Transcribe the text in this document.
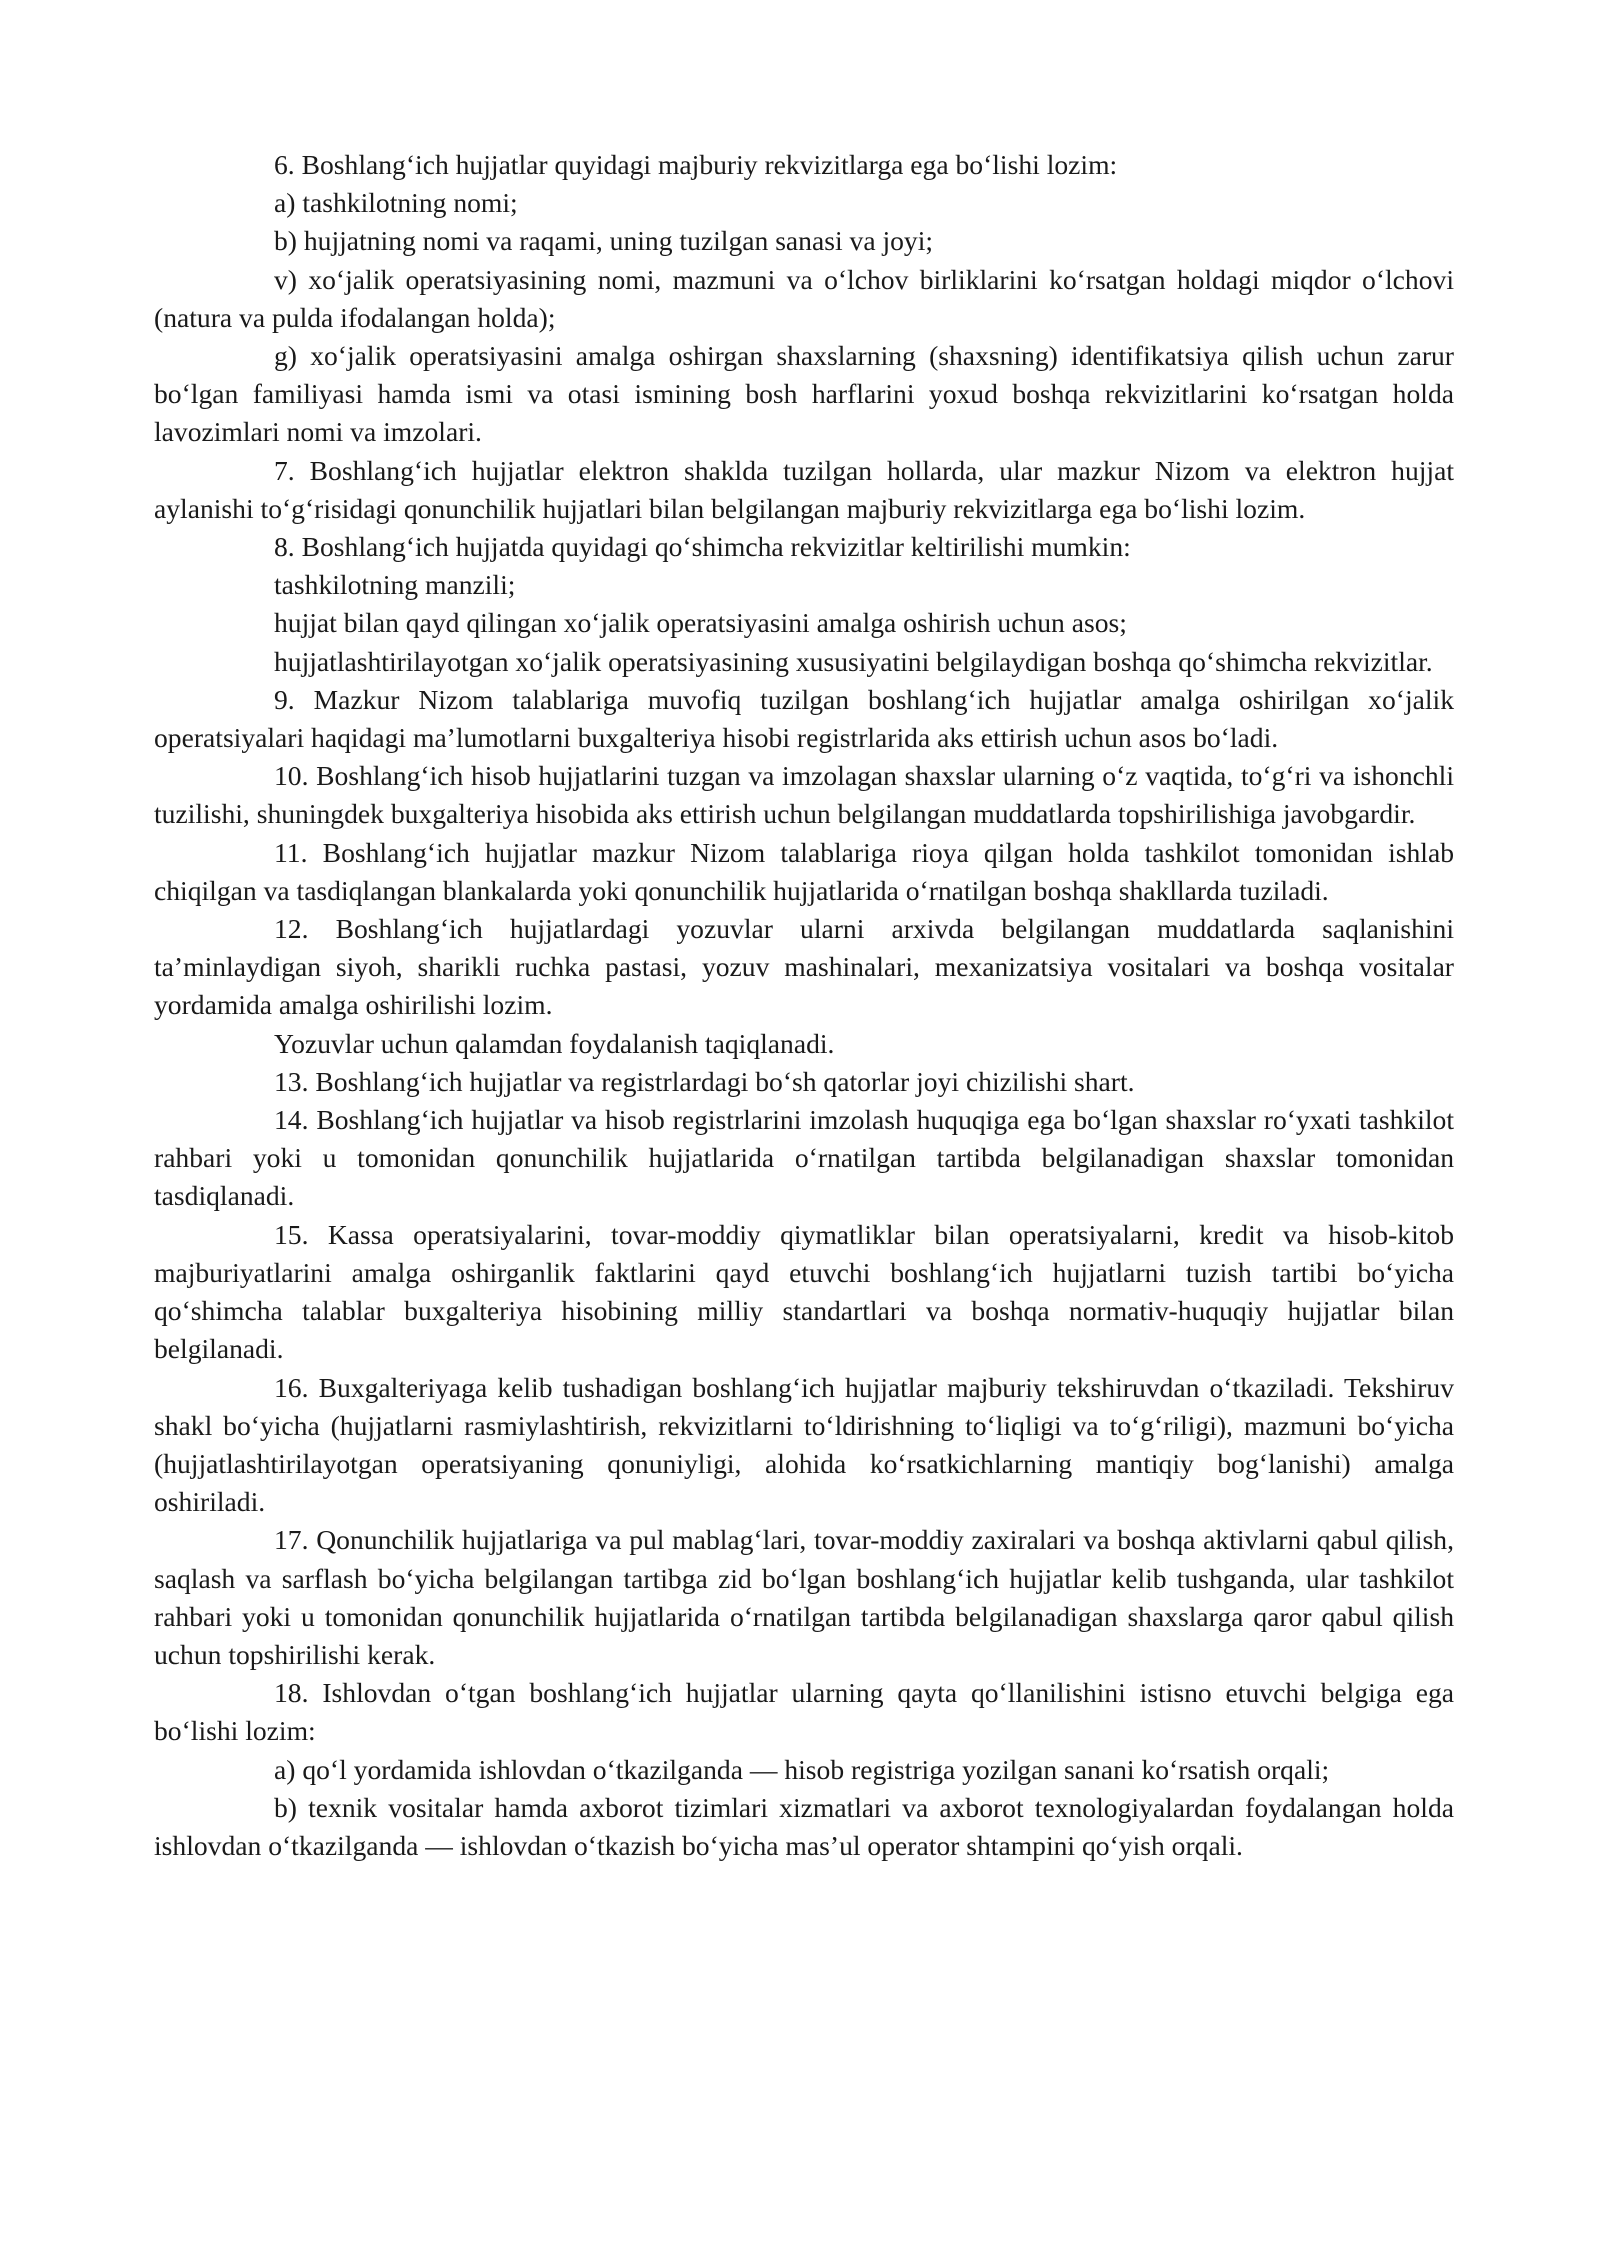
6. Boshlang‘ich hujjatlar quyidagi majburiy rekvizitlarga ega bo‘lishi lozim:

a) tashkilotning nomi;

b) hujjatning nomi va raqami, uning tuzilgan sanasi va joyi;

v) xo‘jalik operatsiyasining nomi, mazmuni va o‘lchov birliklarini ko‘rsatgan holdagi miqdor o‘lchovi (natura va pulda ifodalangan holda);

g) xo‘jalik operatsiyasini amalga oshirgan shaxslarning (shaxsning) identifikatsiya qilish uchun zarur bo‘lgan familiyasi hamda ismi va otasi ismining bosh harflarini yoxud boshqa rekvizitlarini ko‘rsatgan holda lavozimlari nomi va imzolari.

7. Boshlang‘ich hujjatlar elektron shaklda tuzilgan hollarda, ular mazkur Nizom va elektron hujjat aylanishi to‘g‘risidagi qonunchilik hujjatlari bilan belgilangan majburiy rekvizitlarga ega bo‘lishi lozim.

8. Boshlang‘ich hujjatda quyidagi qo‘shimcha rekvizitlar keltirilishi mumkin:

tashkilotning manzili;

hujjat bilan qayd qilingan xo‘jalik operatsiyasini amalga oshirish uchun asos;

hujjatlashtirilayotgan xo‘jalik operatsiyasining xususiyatini belgilaydigan boshqa qo‘shimcha rekvizitlar.

9. Mazkur Nizom talablariga muvofiq tuzilgan boshlang‘ich hujjatlar amalga oshirilgan xo‘jalik operatsiyalari haqidagi ma’lumotlarni buxgalteriya hisobi registrlarida aks ettirish uchun asos bo‘ladi.

10. Boshlang‘ich hisob hujjatlarini tuzgan va imzolagan shaxslar ularning o‘z vaqtida, to‘g‘ri va ishonchli tuzilishi, shuningdek buxgalteriya hisobida aks ettirish uchun belgilangan muddatlarda topshirilishiga javobgardir.

11. Boshlang‘ich hujjatlar mazkur Nizom talablariga rioya qilgan holda tashkilot tomonidan ishlab chiqilgan va tasdiqlangan blankalarda yoki qonunchilik hujjatlarida o‘rnatilgan boshqa shakllarda tuziladi.

12. Boshlang‘ich hujjatlardagi yozuvlar ularni arxivda belgilangan muddatlarda saqlanishini ta’minlaydigan siyoh, sharikli ruchka pastasi, yozuv mashinalari, mexanizatsiya vositalari va boshqa vositalar yordamida amalga oshirilishi lozim.

Yozuvlar uchun qalamdan foydalanish taqiqlanadi.

13. Boshlang‘ich hujjatlar va registrlardagi bo‘sh qatorlar joyi chizilishi shart.

14. Boshlang‘ich hujjatlar va hisob registrlarini imzolash huquqiga ega bo‘lgan shaxslar ro‘yxati tashkilot rahbari yoki u tomonidan qonunchilik hujjatlarida o‘rnatilgan tartibda belgilanadigan shaxslar tomonidan tasdiqlanadi.

15. Kassa operatsiyalarini, tovar-moddiy qiymatliklar bilan operatsiyalarni, kredit va hisob-kitob majburiyatlarini amalga oshirganlik faktlarini qayd etuvchi boshlang‘ich hujjatlarni tuzish tartibi bo‘yicha qo‘shimcha talablar buxgalteriya hisobining milliy standartlari va boshqa normativ-huquqiy hujjatlar bilan belgilanadi.

16. Buxgalteriyaga kelib tushadigan boshlang‘ich hujjatlar majburiy tekshiruvdan o‘tkaziladi. Tekshiruv shakl bo‘yicha (hujjatlarni rasmiylashtirish, rekvizitlarni to‘ldirishning to‘liqligi va to‘g‘riligi), mazmuni bo‘yicha (hujjatlashtirilayotgan operatsiyaning qonuniyligi, alohida ko‘rsatkichlarning mantiqiy bog‘lanishi) amalga oshiriladi.

17. Qonunchilik hujjatlariga va pul mablag‘lari, tovar-moddiy zaxiralari va boshqa aktivlarni qabul qilish, saqlash va sarflash bo‘yicha belgilangan tartibga zid bo‘lgan boshlang‘ich hujjatlar kelib tushganda, ular tashkilot rahbari yoki u tomonidan qonunchilik hujjatlarida o‘rnatilgan tartibda belgilanadigan shaxslarga qaror qabul qilish uchun topshirilishi kerak.

18. Ishlovdan o‘tgan boshlang‘ich hujjatlar ularning qayta qo‘llanilishini istisno etuvchi belgiga ega bo‘lishi lozim:

a) qo‘l yordamida ishlovdan o‘tkazilganda — hisob registriga yozilgan sanani ko‘rsatish orqali;

b) texnik vositalar hamda axborot tizimlari xizmatlari va axborot texnologiyalardan foydalangan holda ishlovdan o‘tkazilganda — ishlovdan o‘tkazish bo‘yicha mas’ul operator shtampini qo‘yish orqali.
